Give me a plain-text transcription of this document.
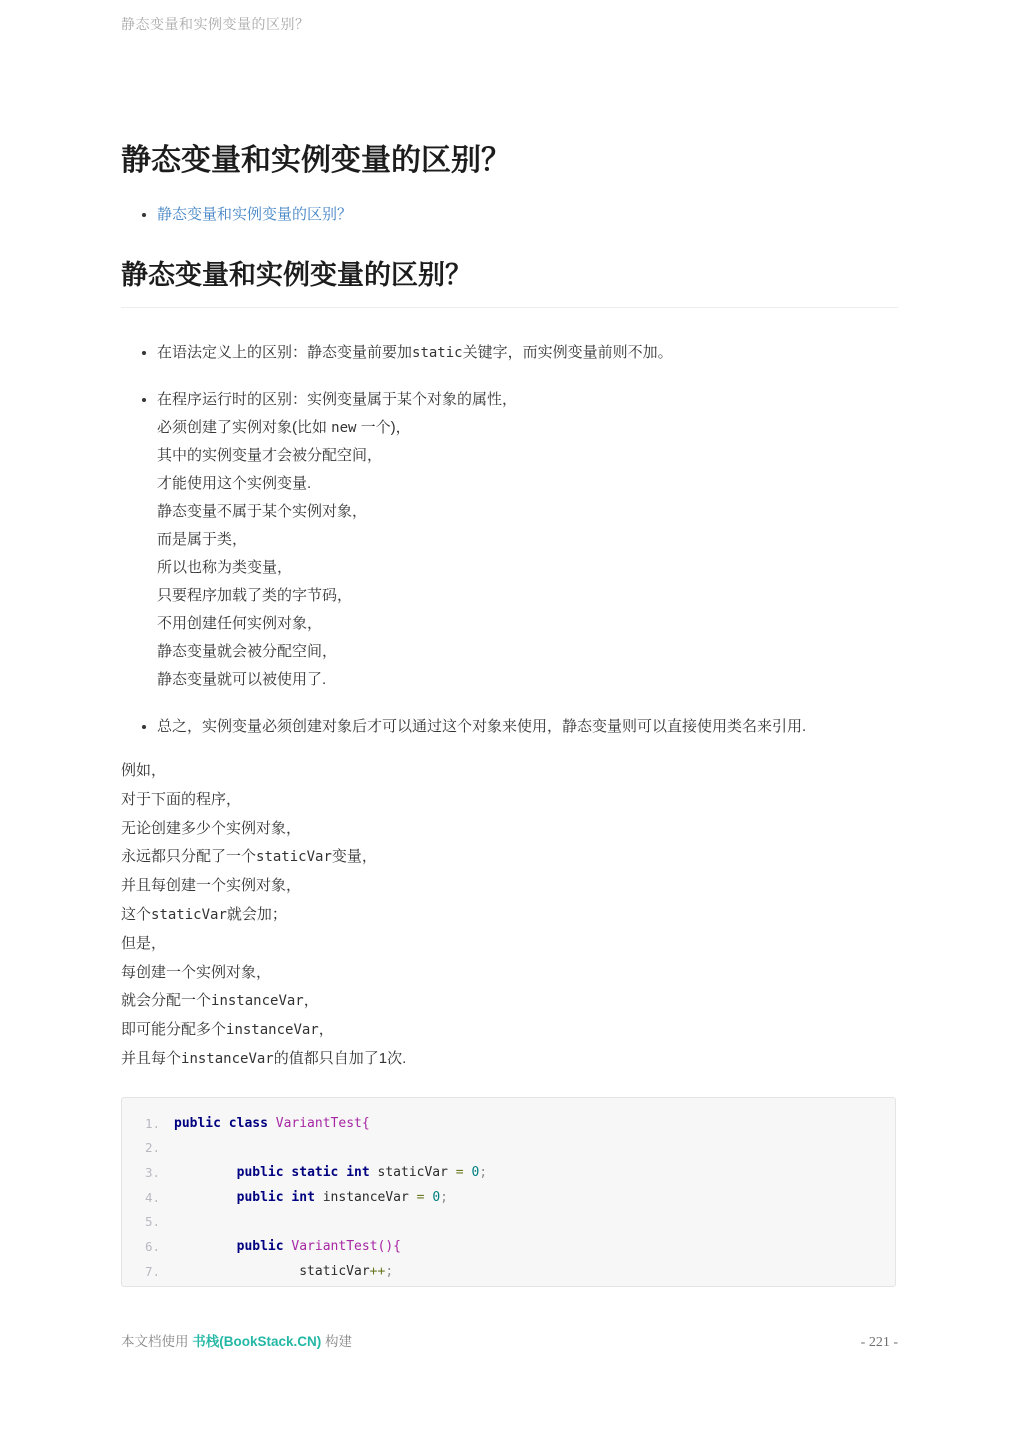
静态变量和实例变量的区别？
静态变量和实例变量的区别？
• 静态变量和实例变量的区别？
静态变量和实例变量的区别？
• 在语法定义上的区别：静态变量前要加static关键字，而实例变量前则不加。
• 在程序运行时的区别：实例变量属于某个对象的属性，
必须创建了实例对象(比如 new 一个)，
其中的实例变量才会被分配空间，
才能使用这个实例变量.
静态变量不属于某个实例对象，
而是属于类，
所以也称为类变量，
只要程序加载了类的字节码，
不用创建任何实例对象，
静态变量就会被分配空间，
静态变量就可以被使用了.
• 总之，实例变量必须创建对象后才可以通过这个对象来使用，静态变量则可以直接使用类名来引用.
例如，
对于下面的程序，
无论创建多少个实例对象，
永远都只分配了一个staticVar变量，
并且每创建一个实例对象，
这个staticVar就会加；
但是，
每创建一个实例对象，
就会分配一个instanceVar，
即可能分配多个instanceVar，
并且每个instanceVar的值都只自加了1次.
1. public class
VariantTest{
2.
3.
	public static int staticVar =
0 ;
4.
	public int instanceVar =
0 ;
5.
6.
	public
VariantTest(){
7. staticVar ++ ;
本文档使用 书栈(BookStack.CN) 构建	- 221 -
